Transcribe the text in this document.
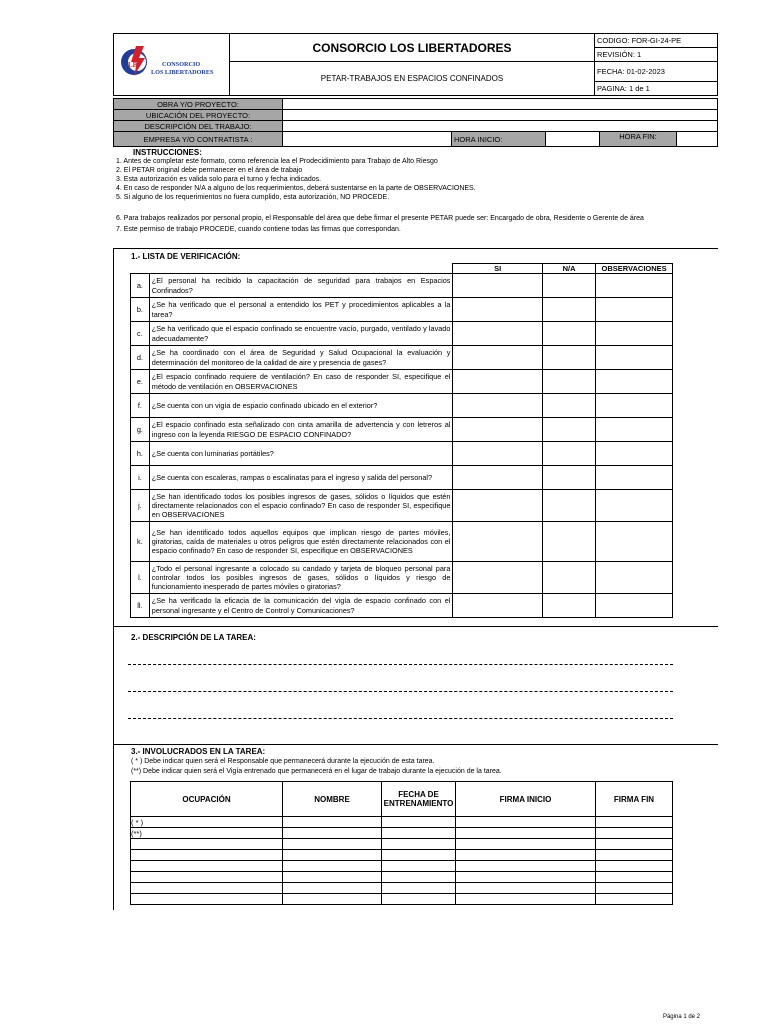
LB CONSORCIO
LOS LIBERTADORES	CONSORCIO LOS LIBERTADORES	CODIGO: FOR-GI-24-PE
		REVISIÓN: 1
	PETAR-TRABAJOS EN ESPACIOS CONFINADOS	FECHA: 01-02-2023
		PAGINA: 1 de 1
OBRA Y/O PROYECTO:				
UBICACIÓN DEL PROYECTO:				
DESCRIPCIÓN DEL TRABAJO:				
EMPRESA Y/O CONTRATISTA :		HORA INICIO:		HORA FIN:
INSTRUCCIONES:
1. Antes de completar este formato, como referencia lea el Prodecidimiento para Trabajo de Alto Riesgo
2. El PETAR original debe permanecer en el área de trabajo
3. Esta autorización es valida solo para el turno y fecha indicados.
4. En caso de responder N/A a alguno de los requerimientos, deberá sustentarse en la parte de OBSERVACIONES.
5. Si alguno de los requerimientos no fuera cumplido, esta autorización, NO PROCEDE.
6. Para trabajos realizados por personal propio, el Responsable del área que debe firmar el presente PETAR puede ser: Encargado de obra, Residente o Gerente de área
7. Este permiso de trabajo PROCEDE, cuando contiene todas las firmas que correspondan.
1.- LISTA DE VERIFICACIÓN:
		SI	N/A	OBSERVACIONES
a.	¿El personal ha recibido la capacitación de seguridad para trabajos en Espacios Confinados?			
b.	¿Se ha verificado que el personal a entendido los PET y procedimientos aplicables a la tarea?			
c.	¿Se ha verificado que el espacio confinado se encuentre vacío, purgado, ventilado y lavado adecuadamente?			
d.	¿Se ha coordinado con el área de Seguridad y Salud Ocupacional la evaluación y determinación del monitoreo de la calidad de aire y presencia de gases?			
e.	¿El espacio confinado requiere de ventilación? En caso de responder SI, especifique el método de ventilación en OBSERVACIONES			
f.	¿Se cuenta con un vigía de espacio confinado ubicado en el exterior?			
g.	¿El espacio confinado esta señalizado con cinta amarilla de advertencia y con letreros al ingreso con la leyenda RIESGO DE ESPACIO CONFINADO?			
h.	¿Se cuenta con luminarias portátiles?			
i.	¿Se cuenta con escaleras, rampas o escalinatas para el ingreso y salida del personal?			
j.	¿Se han identificado todos los posibles ingresos de gases, sólidos o líquidos que estén directamente relacionados con el espacio confinado? En caso de responder SI, especifique en OBSERVACIONES			
k.	¿Se han identificado todos aquellos equipos que implican riesgo de partes móviles, giratorias, caída de materiales u otros peligros que estén directamente relacionados con el espacio confinado? En caso de responder SI, especifique en OBSERVACIONES			
l.	¿Todo el personal ingresante a colocado su candado y tarjeta de bloqueo personal para controlar todos los posibles ingresos de gases, sólidos o líquidos y riesgo de funcionamiento inesperado de partes móviles o giratorias?			
ll.	¿Se ha verificado la eficacia de la comunicación del vigía de espacio confinado con el personal ingresante y el Centro de Control y Comunicaciones?			
2.- DESCRIPCIÓN DE LA TAREA:
3.- INVOLUCRADOS EN LA TAREA:
( * ) Debe indicar quien será el Responsable que permanecerá durante la ejecución de esta tarea.
(**) Debe indicar quien será el Vigía entrenado que permanecerá en el lugar de trabajo durante la ejecución de la tarea.
OCUPACIÓN	NOMBRE	FECHA DE ENTRENAMIENTO	FIRMA INICIO	FIRMA FIN
( * )				
(**)				

Página 1 de 2
